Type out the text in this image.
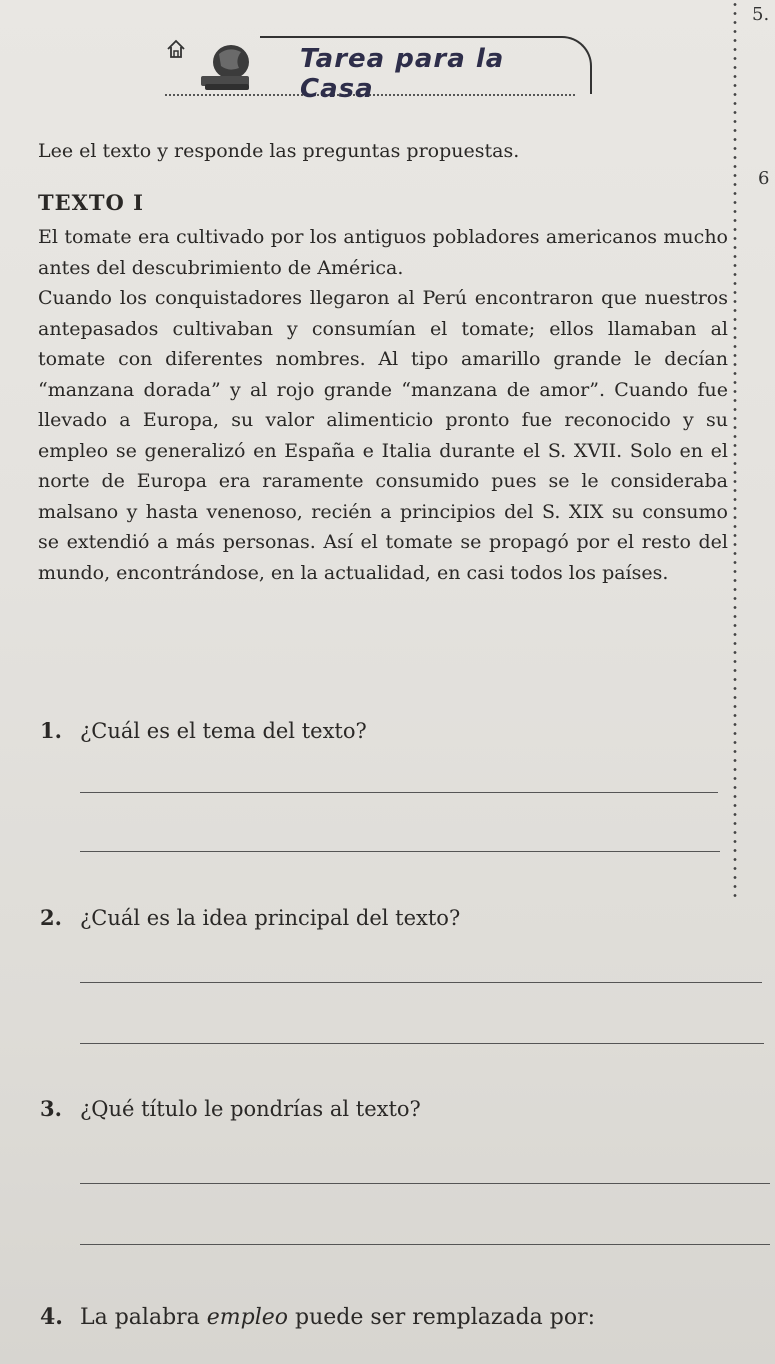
5.
6
Tarea para la Casa
Lee el texto y responde las preguntas propuestas.
TEXTO I
El tomate era cultivado por los antiguos pobladores americanos mucho antes del descubrimiento de América.
Cuando los conquistadores llegaron al Perú encontraron que nuestros antepasados cultivaban y consumían el tomate; ellos llamaban al tomate con diferentes nombres. Al tipo amarillo grande le decían “manzana dorada” y al rojo grande “manzana de amor”. Cuando fue llevado a Europa, su valor alimenticio pronto fue reconocido y su empleo se generalizó en España e Italia durante el S. XVII. Solo en el norte de Europa era raramente consumido pues se le consideraba malsano y hasta venenoso, recién a principios del S. XIX su consumo se extendió a más personas. Así el tomate se propagó por el resto del mundo, encontrándose, en la actualidad, en casi todos los países.
1. ¿Cuál es el tema del texto?
2. ¿Cuál es la idea principal del texto?
3. ¿Qué título le pondrías al texto?
4. La palabra empleo puede ser remplazada por:
